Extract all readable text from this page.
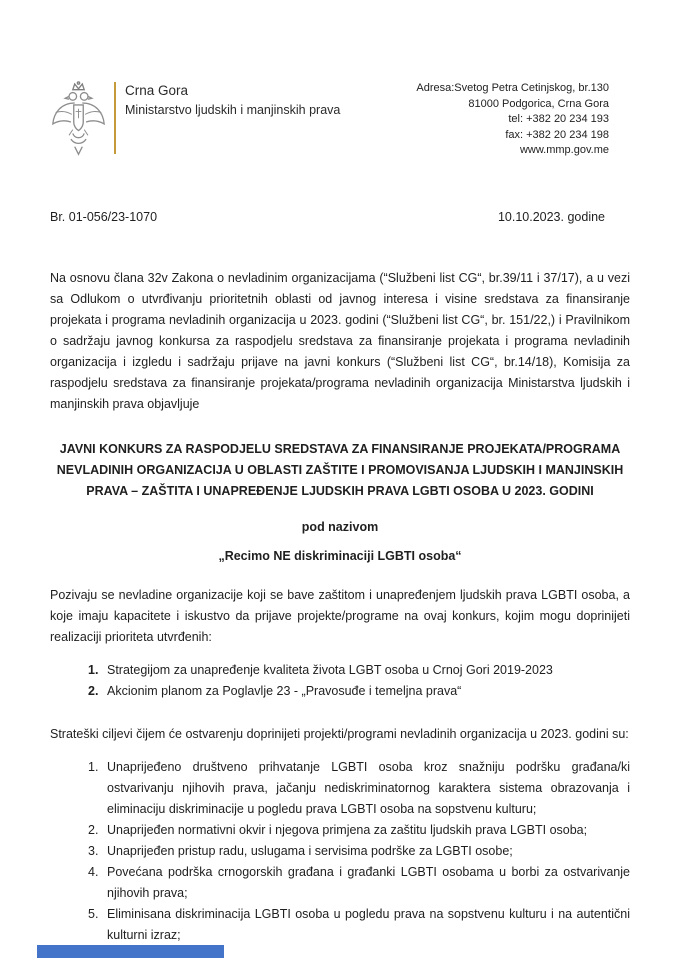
Crna Gora
Ministarstvo ljudskih i manjinskih prava
Adresa:Svetog Petra Cetinjskog, br.130
81000 Podgorica, Crna Gora
tel: +382 20 234 193
fax: +382 20 234 198
www.mmp.gov.me
Br. 01-056/23-1070	10.10.2023. godine
Na osnovu člana 32v Zakona o nevladinim organizacijama (“Službeni list CG“, br.39/11 i 37/17), a u vezi sa Odlukom o utvrđivanju prioritetnih oblasti od javnog interesa i visine sredstava za finansiranje projekata i programa nevladinih organizacija u 2023. godini (“Službeni list CG“, br. 151/22,) i Pravilnikom o sadržaju javnog konkursa za raspodjelu sredstava za finansiranje projekata i programa nevladinih organizacija i izgledu i sadržaju prijave na javni konkurs (“Službeni list CG“, br.14/18), Komisija za raspodjelu sredstava za finansiranje projekata/programa nevladinih organizacija Ministarstva ljudskih i manjinskih prava objavljuje
JAVNI KONKURS ZA RASPODJELU SREDSTAVA ZA FINANSIRANJE PROJEKATA/PROGRAMA NEVLADINIH ORGANIZACIJA U OBLASTI ZAŠTITE I PROMOVISANJA LJUDSKIH I MANJINSKIH PRAVA – ZAŠTITA I UNAPREĐENJE LJUDSKIH PRAVA LGBTI OSOBA U 2023. GODINI
pod nazivom
„Recimo NE diskriminaciji LGBTI osoba“
Pozivaju se nevladine organizacije koji se bave zaštitom i unapređenjem ljudskih prava LGBTI osoba, a koje imaju kapacitete i iskustvo da prijave projekte/programe na ovaj konkurs, kojim mogu doprinijeti realizaciji prioriteta utvrđenih:
1. Strategijom za unapređenje kvaliteta života LGBT osoba u Crnoj Gori 2019-2023
2. Akcionim planom za Poglavlje 23 - „Pravosuđe i temeljna prava“
Strateški ciljevi čijem će ostvarenju doprinijeti projekti/programi nevladinih organizacija u 2023. godini su:
1. Unaprijeđeno društveno prihvatanje LGBTI osoba kroz snažniju podršku građana/ki ostvarivanju njihovih prava, jačanju nediskriminatornog karaktera sistema obrazovanja i eliminaciju diskriminacije u pogledu prava LGBTI osoba na sopstvenu kulturu;
2. Unaprijeđen normativni okvir i njegova primjena za zaštitu ljudskih prava LGBTI osoba;
3. Unaprijeđen pristup radu, uslugama i servisima podrške za LGBTI osobe;
4. Povećana podrška crnogorskih građana i građanki LGBTI osobama u borbi za ostvarivanje njihovih prava;
5. Eliminisana diskriminacija LGBTI osoba u pogledu prava na sopstvenu kulturu i na autentični kulturni izraz;
